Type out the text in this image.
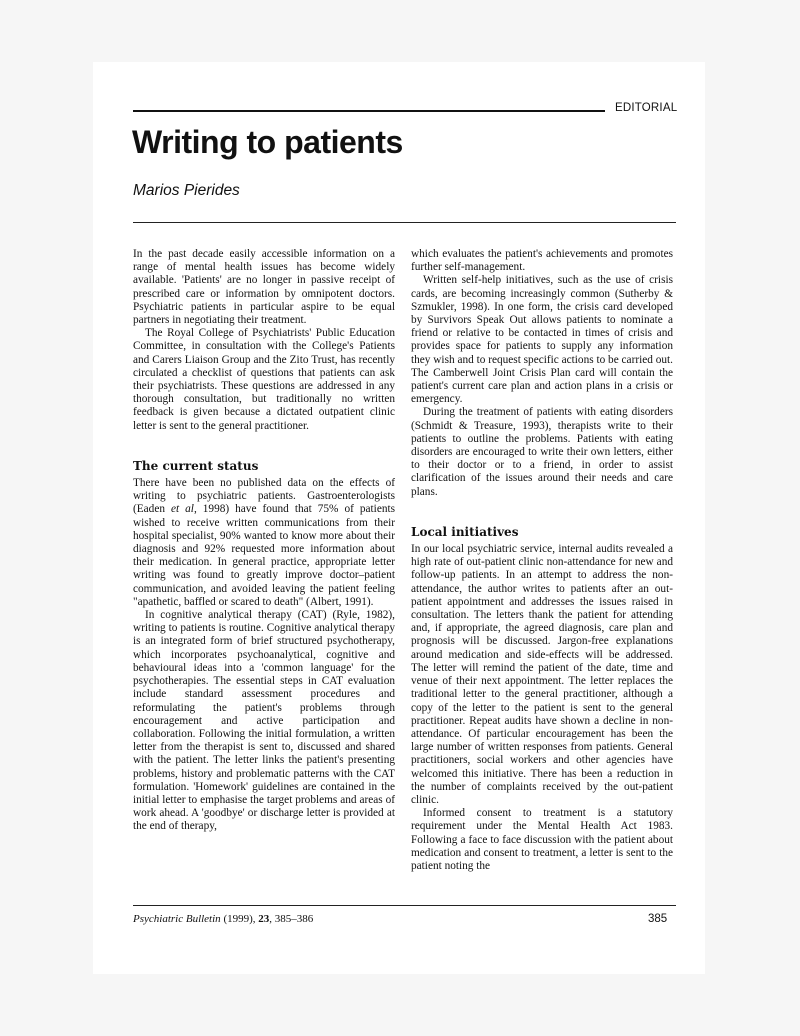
EDITORIAL
Writing to patients
Marios Pierides

In the past decade easily accessible information on a range of mental health issues has become widely available. 'Patients' are no longer in passive receipt of prescribed care or information by omnipotent doctors. Psychiatric patients in particular aspire to be equal partners in negotiating their treatment.

The Royal College of Psychiatrists' Public Education Committee, in consultation with the College's Patients and Carers Liaison Group and the Zito Trust, has recently circulated a checklist of questions that patients can ask their psychiatrists. These questions are addressed in any thorough consultation, but traditionally no written feedback is given because a dictated outpatient clinic letter is sent to the general practitioner.

The current status

There have been no published data on the effects of writing to psychiatric patients. Gastroenterologists (Eaden et al, 1998) have found that 75% of patients wished to receive written communications from their hospital specialist, 90% wanted to know more about their diagnosis and 92% requested more information about their medication. In general practice, appropriate letter writing was found to greatly improve doctor–patient communication, and avoided leaving the patient feeling "apathetic, baffled or scared to death" (Albert, 1991).

In cognitive analytical therapy (CAT) (Ryle, 1982), writing to patients is routine. Cognitive analytical therapy is an integrated form of brief structured psychotherapy, which incorporates psychoanalytical, cognitive and behavioural ideas into a 'common language' for the psychotherapies. The essential steps in CAT evaluation include standard assessment procedures and reformulating the patient's problems through encouragement and active participation and collaboration. Following the initial formulation, a written letter from the therapist is sent to, discussed and shared with the patient. The letter links the patient's presenting problems, history and problematic patterns with the CAT formulation. 'Homework' guidelines are contained in the initial letter to emphasise the target problems and areas of work ahead. A 'goodbye' or discharge letter is provided at the end of therapy,

which evaluates the patient's achievements and promotes further self-management.

Written self-help initiatives, such as the use of crisis cards, are becoming increasingly common (Sutherby & Szmukler, 1998). In one form, the crisis card developed by Survivors Speak Out allows patients to nominate a friend or relative to be contacted in times of crisis and provides space for patients to supply any information they wish and to request specific actions to be carried out. The Camberwell Joint Crisis Plan card will contain the patient's current care plan and action plans in a crisis or emergency.

During the treatment of patients with eating disorders (Schmidt & Treasure, 1993), therapists write to their patients to outline the problems. Patients with eating disorders are encouraged to write their own letters, either to their doctor or to a friend, in order to assist clarification of the issues around their needs and care plans.

Local initiatives

In our local psychiatric service, internal audits revealed a high rate of out-patient clinic non-attendance for new and follow-up patients. In an attempt to address the non-attendance, the author writes to patients after an out-patient appointment and addresses the issues raised in consultation. The letters thank the patient for attending and, if appropriate, the agreed diagnosis, care plan and prognosis will be discussed. Jargon-free explanations around medication and side-effects will be addressed. The letter will remind the patient of the date, time and venue of their next appointment. The letter replaces the traditional letter to the general practitioner, although a copy of the letter to the patient is sent to the general practitioner. Repeat audits have shown a decline in non-attendance. Of particular encouragement has been the large number of written responses from patients. General practitioners, social workers and other agencies have welcomed this initiative. There has been a reduction in the number of complaints received by the out-patient clinic.

Informed consent to treatment is a statutory requirement under the Mental Health Act 1983. Following a face to face discussion with the patient about medication and consent to treatment, a letter is sent to the patient noting the

Psychiatric Bulletin (1999), 23, 385–386	385
